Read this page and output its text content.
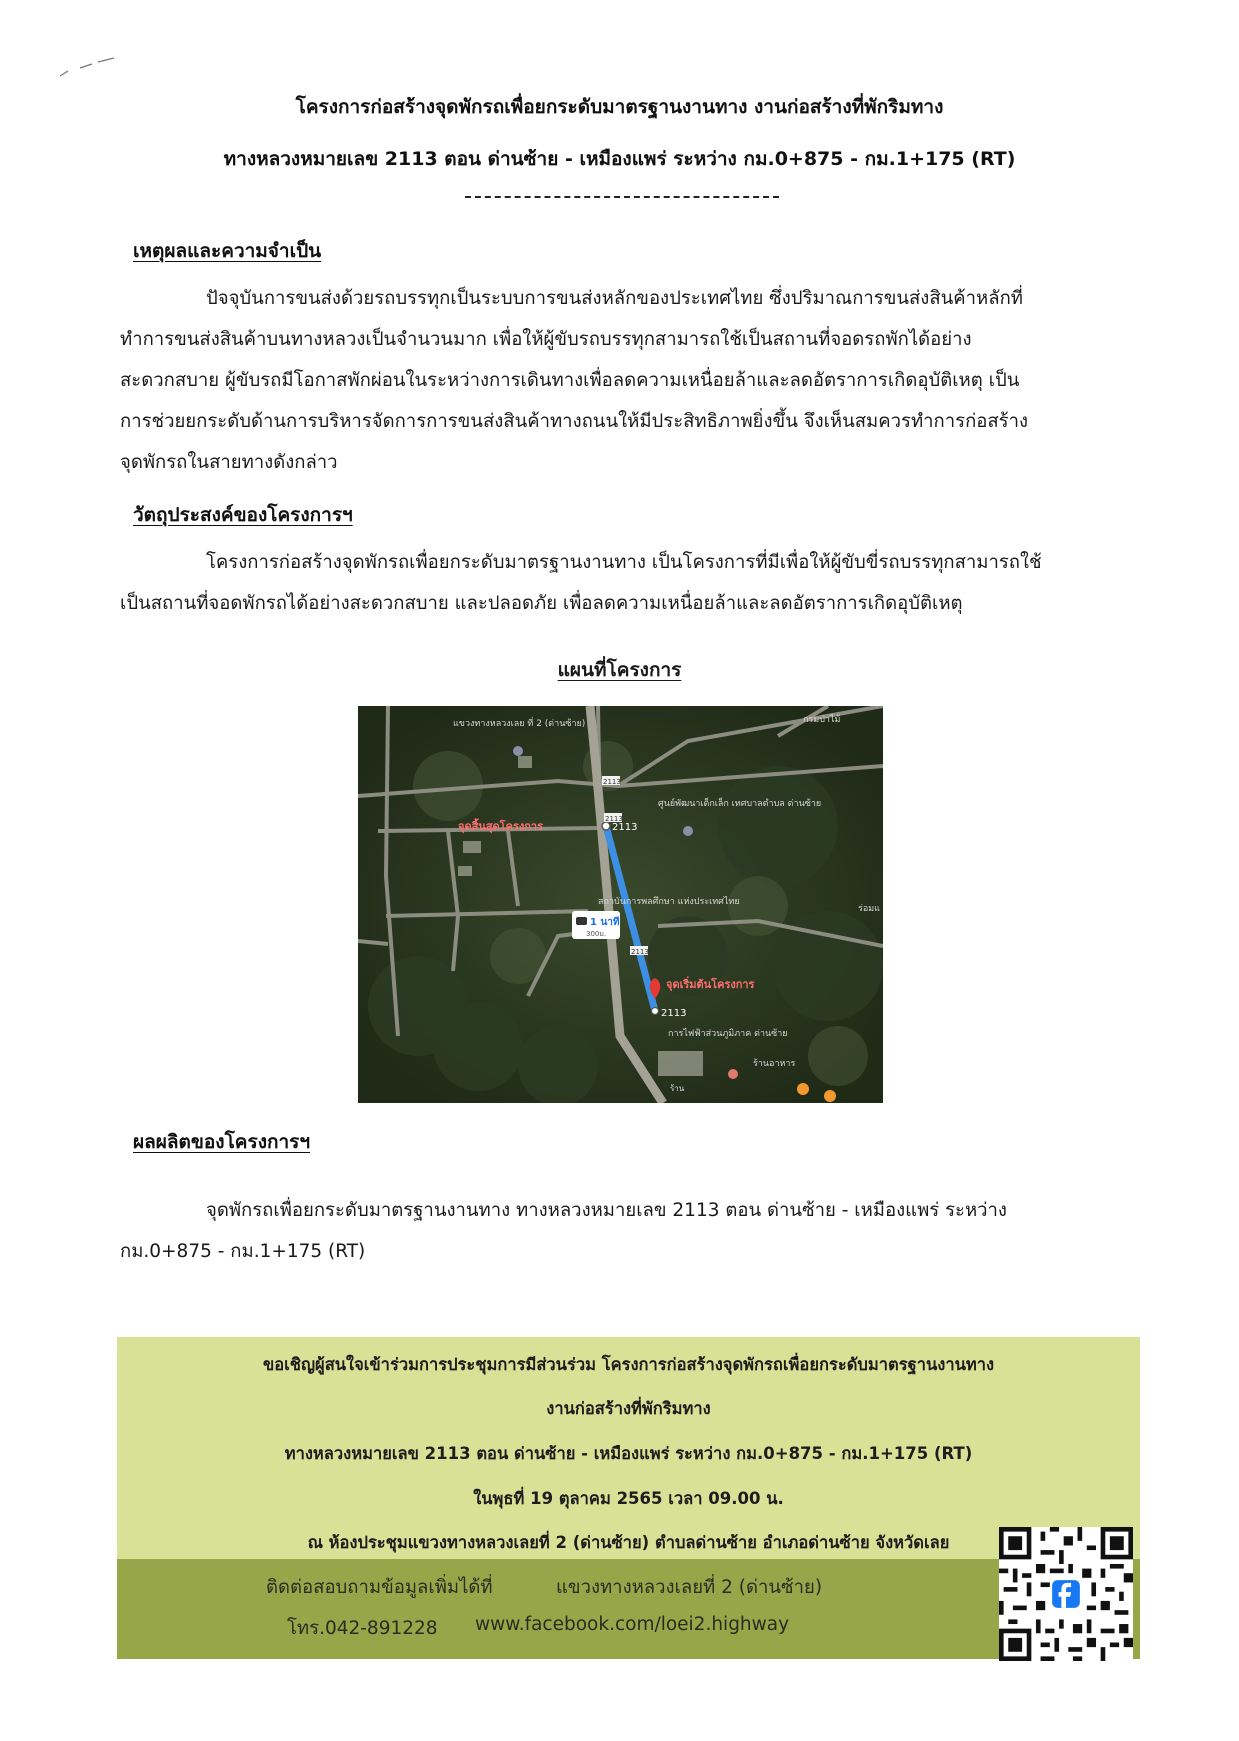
โครงการก่อสร้างจุดพักรถเพื่อยกระดับมาตรฐานงานทาง งานก่อสร้างที่พักริมทาง
ทางหลวงหมายเลข 2113 ตอน ด่านซ้าย - เหมืองแพร่ ระหว่าง กม.0+875 - กม.1+175 (RT)
เหตุผลและความจำเป็น
ปัจจุบันการขนส่งด้วยรถบรรทุกเป็นระบบการขนส่งหลักของประเทศไทย ซึ่งปริมาณการขนส่งสินค้าหลักที่
ทำการขนส่งสินค้าบนทางหลวงเป็นจำนวนมาก เพื่อให้ผู้ขับรถบรรทุกสามารถใช้เป็นสถานที่จอดรถพักได้อย่าง
สะดวกสบาย ผู้ขับรถมีโอกาสพักผ่อนในระหว่างการเดินทางเพื่อลดความเหนื่อยล้าและลดอัตราการเกิดอุบัติเหตุ เป็น
การช่วยยกระดับด้านการบริหารจัดการการขนส่งสินค้าทางถนนให้มีประสิทธิภาพยิ่งขึ้น จึงเห็นสมควรทำการก่อสร้าง
จุดพักรถในสายทางดังกล่าว
วัตถุประสงค์ของโครงการฯ
โครงการก่อสร้างจุดพักรถเพื่อยกระดับมาตรฐานงานทาง เป็นโครงการที่มีเพื่อให้ผู้ขับขี่รถบรรทุกสามารถใช้
เป็นสถานที่จอดพักรถได้อย่างสะดวกสบาย และปลอดภัย เพื่อลดความเหนื่อยล้าและลดอัตราการเกิดอุบัติเหตุ
แผนที่โครงการ
จุดสิ้นสุดโครงการ	2113
จุดเริ่มต้นโครงการ
2113
2113
2113
2113
1 นาที
300ม.
แขวงทางหลวงเลย ที่ 2 (ด่านซ้าย)
ศูนย์พัฒนาเด็กเล็ก เทศบาลตำบล ด่านซ้าย
สถาบันการพลศึกษา แห่งประเทศไทย
การไฟฟ้าส่วนภูมิภาค ด่านซ้าย
กรมป่าไม้
ร่อมแ
ร้านอาหาร
ร้าน
ผลผลิตของโครงการฯ
จุดพักรถเพื่อยกระดับมาตรฐานงานทาง ทางหลวงหมายเลข 2113 ตอน ด่านซ้าย - เหมืองแพร่ ระหว่าง
กม.0+875 - กม.1+175 (RT)
ขอเชิญผู้สนใจเข้าร่วมการประชุมการมีส่วนร่วม โครงการก่อสร้างจุดพักรถเพื่อยกระดับมาตรฐานงานทาง
งานก่อสร้างที่พักริมทาง
ทางหลวงหมายเลข 2113 ตอน ด่านซ้าย - เหมืองแพร่ ระหว่าง กม.0+875 - กม.1+175 (RT)
ในพุธที่ 19 ตุลาคม 2565 เวลา 09.00 น.
ณ ห้องประชุมแขวงทางหลวงเลยที่ 2 (ด่านซ้าย) ตำบลด่านซ้าย อำเภอด่านซ้าย จังหวัดเลย
ติดต่อสอบถามข้อมูลเพิ่มได้ที่	แขวงทางหลวงเลยที่ 2 (ด่านซ้าย)
โทร.042-891228 www.facebook.com/loei2.highway
